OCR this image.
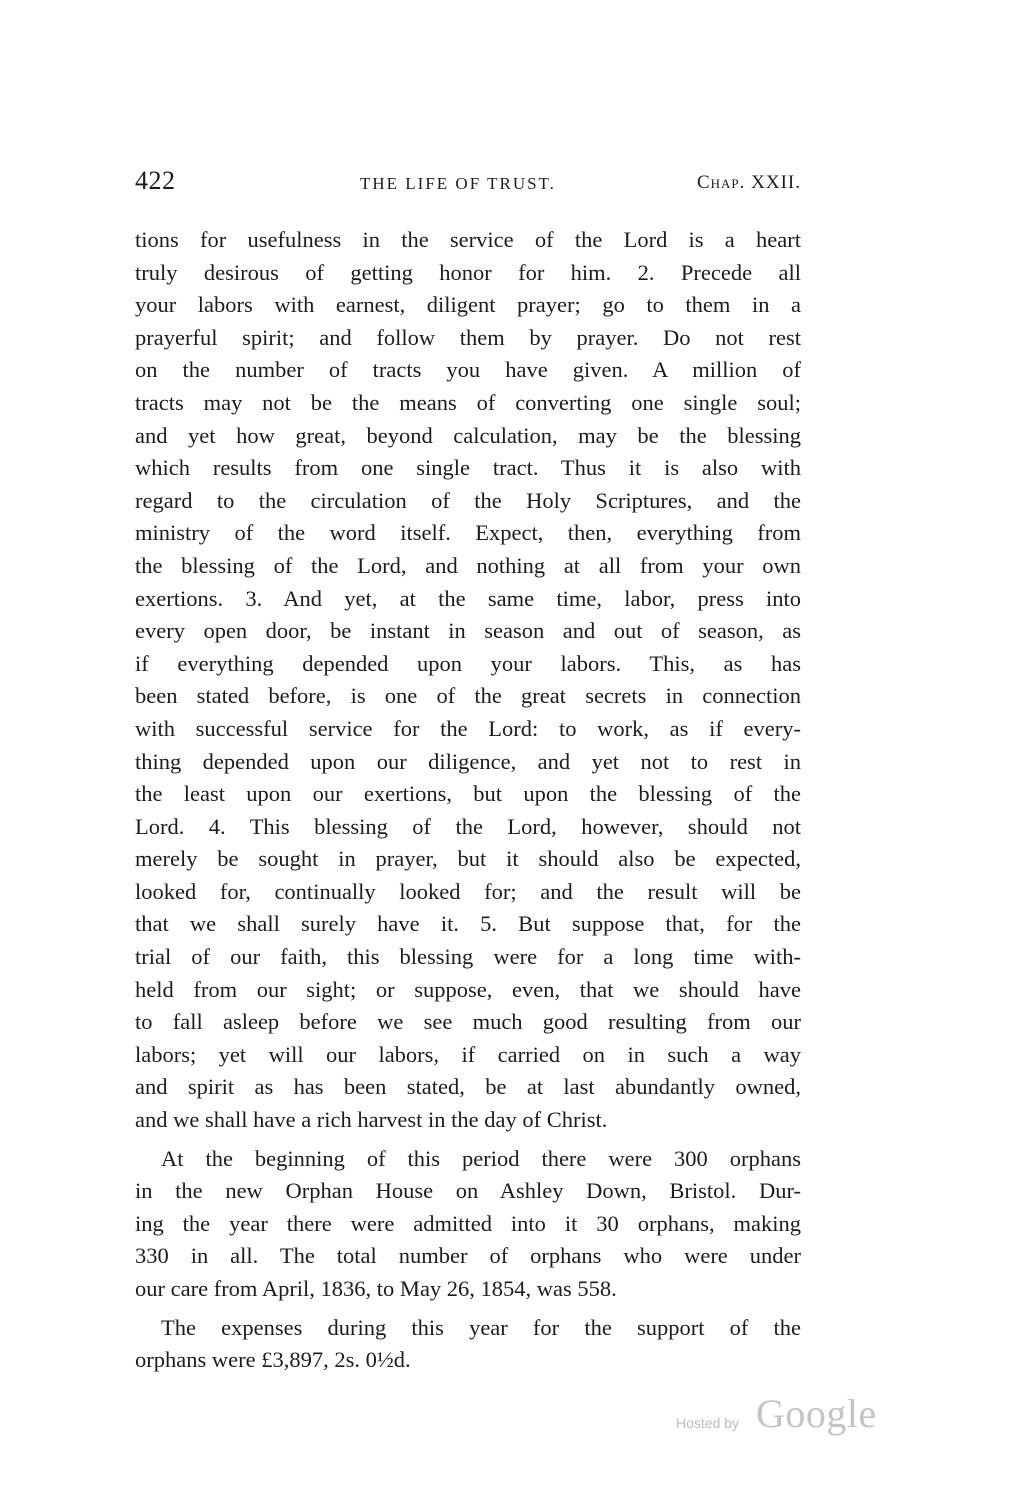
422	THE LIFE OF TRUST.	Chap. XXII.
tions for usefulness in the service of the Lord is a heart
truly desirous of getting honor for him. 2. Precede all
your labors with earnest, diligent prayer; go to them in a
prayerful spirit; and follow them by prayer. Do not rest
on the number of tracts you have given. A million of
tracts may not be the means of converting one single soul;
and yet how great, beyond calculation, may be the blessing
which results from one single tract. Thus it is also with
regard to the circulation of the Holy Scriptures, and the
ministry of the word itself. Expect, then, everything from
the blessing of the Lord, and nothing at all from your own
exertions. 3. And yet, at the same time, labor, press into
every open door, be instant in season and out of season, as
if everything depended upon your labors. This, as has
been stated before, is one of the great secrets in connection
with successful service for the Lord: to work, as if every-
thing depended upon our diligence, and yet not to rest in
the least upon our exertions, but upon the blessing of the
Lord. 4. This blessing of the Lord, however, should not
merely be sought in prayer, but it should also be expected,
looked for, continually looked for; and the result will be
that we shall surely have it. 5. But suppose that, for the
trial of our faith, this blessing were for a long time with-
held from our sight; or suppose, even, that we should have
to fall asleep before we see much good resulting from our
labors; yet will our labors, if carried on in such a way
and spirit as has been stated, be at last abundantly owned,
and we shall have a rich harvest in the day of Christ.
At the beginning of this period there were 300 orphans
in the new Orphan House on Ashley Down, Bristol. Dur-
ing the year there were admitted into it 30 orphans, making
330 in all. The total number of orphans who were under
our care from April, 1836, to May 26, 1854, was 558.
The expenses during this year for the support of the
orphans were £3,897, 2s. 0½d.
Hosted by Google
